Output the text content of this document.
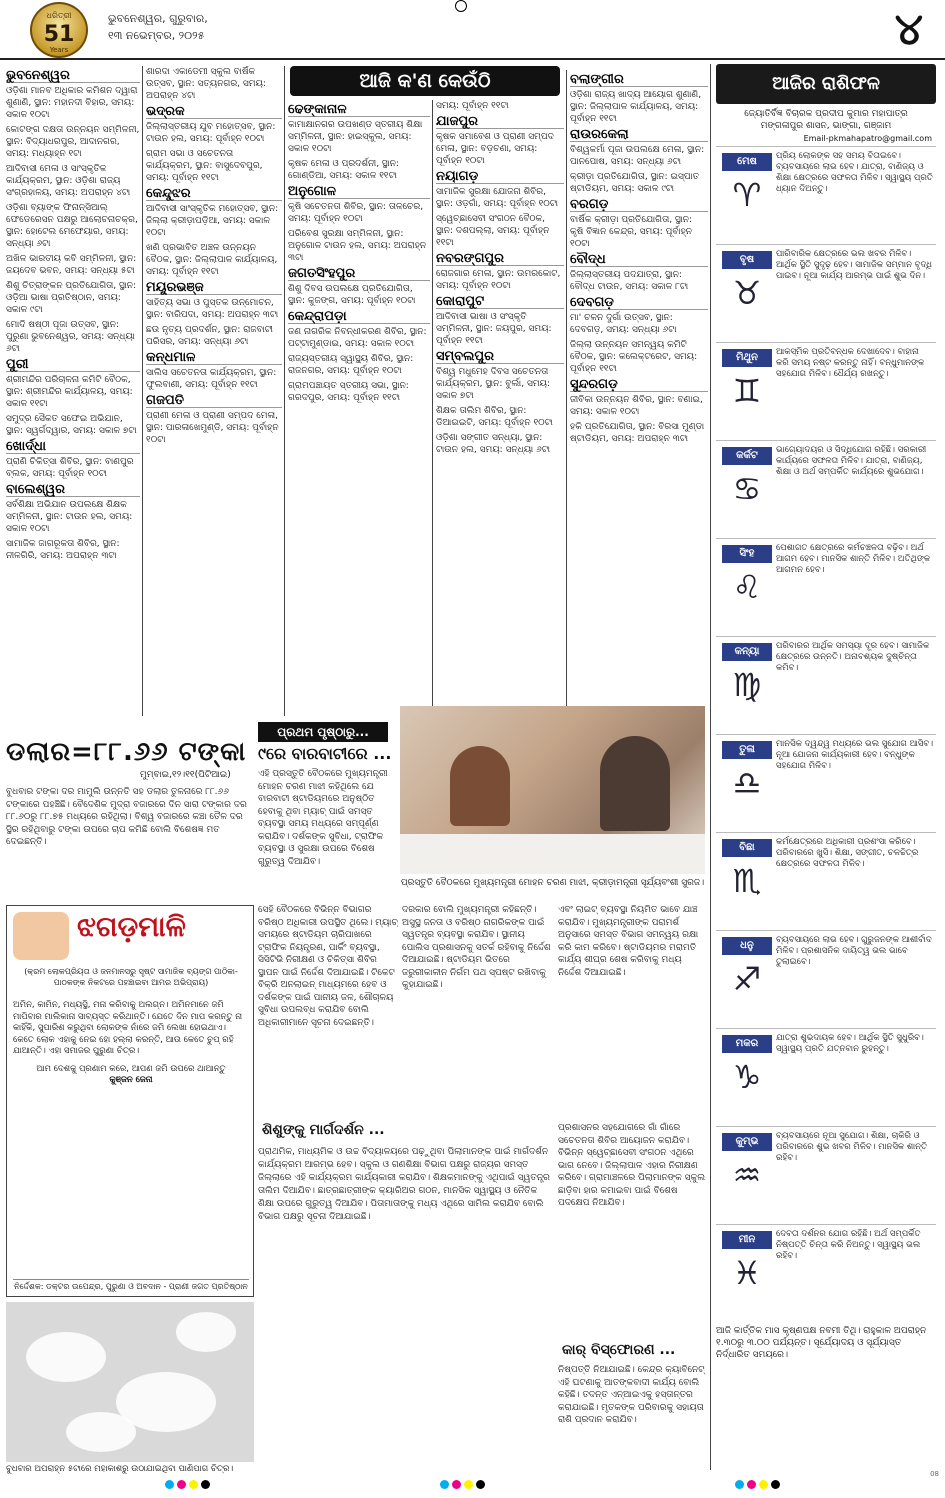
ଧରିତ୍ରୀ
51
Years
ଭୁବନେଶ୍ୱର, ଗୁରୁବାର,
୧୩ ନଭେମ୍ବର, ୨୦୨୫	୪
ଆଜି କ'ଣ କେଉଁଠି
ଭୁବନେଶ୍ୱର
ଓଡ଼ିଶା ମାନବ ଅଧିକାର କମିଶନ ଦ୍ୱାରା ଶୁଣାଣି, ସ୍ଥାନ: ମହାନଦୀ ବିହାର, ସମୟ: ସକାଳ ୧୦ଟା
କୋଟଙ୍ଗ ଦକ୍ଷତା ଉନ୍ନୟନ ସମ୍ମିଳନୀ, ସ୍ଥାନ: ବିଦ୍ୟାଧରପୁର, ଆଦାନଗର, ସମୟ: ମଧ୍ୟାହ୍ନ ୧ଟା
ଆଦିବାସୀ ମେଳା ଓ ସାଂସ୍କୃତିକ କାର୍ଯ୍ୟକ୍ରମ, ସ୍ଥାନ: ଓଡ଼ିଶା ରାଜ୍ୟ ସଂଗ୍ରହାଳୟ, ସମୟ: ଅପରାହ୍ନ ୪ଟା
ଓଡ଼ିଶା ବ୍ୟାଙ୍କ ଫିନାନ୍ସିଆଲ୍ ଫେଡେରେସନ ପକ୍ଷରୁ ଆଲୋଚନାଚକ୍ର, ସ୍ଥାନ: ହୋଟେଲ ମେଫେୟାର, ସମୟ: ସନ୍ଧ୍ୟା ୬ଟା
ଅଖିଳ ଭାରତୀୟ କବି ସମ୍ମିଳନୀ, ସ୍ଥାନ: ଜୟଦେବ ଭବନ, ସମୟ: ସନ୍ଧ୍ୟା ୫ଟା
ଶିଶୁ ଚିତ୍ରାଙ୍କନ ପ୍ରତିଯୋଗିତା, ସ୍ଥାନ: ଓଡ଼ିଆ ଭାଷା ପ୍ରତିଷ୍ଠାନ, ସମୟ: ସକାଳ ୯ଟା
ମୋଦି ଷଷ୍ଠୀ ପୂଜା ଉତ୍ସବ, ସ୍ଥାନ: ପୁରୁଣା ଭୁବନେଶ୍ୱର, ସମୟ: ସନ୍ଧ୍ୟା ୬ଟା
ପୁରୀ
ଶ୍ରୀମନ୍ଦିର ପରିଚାଳନା କମିଟି ବୈଠକ, ସ୍ଥାନ: ଶ୍ରୀମନ୍ଦିର କାର୍ଯ୍ୟାଳୟ, ସମୟ: ସକାଳ ୧୧ଟା
ସମୁଦ୍ର ସୈକତ ସଫେଇ ଅଭିଯାନ, ସ୍ଥାନ: ସ୍ୱର୍ଗଦ୍ୱାର, ସମୟ: ସକାଳ ୭ଟା
ଖୋର୍ଦ୍ଧା
ପ୍ରାଣି ଚିକିତ୍ସା ଶିବିର, ସ୍ଥାନ: ବାଣପୁର ବ୍ଲକ, ସମୟ: ପୂର୍ବାହ୍ନ ୧୦ଟା
ବାଲେଶ୍ୱର
ସର୍ବଶିକ୍ଷା ଅଭିଯାନ ଉପଲକ୍ଷେ ଶିକ୍ଷକ ସମ୍ମିଳନୀ, ସ୍ଥାନ: ଟାଉନ ହଲ, ସମୟ: ସକାଳ ୧୦ଟା
ସାମାଜିକ ଜାଗରୂକତା ଶିବିର, ସ୍ଥାନ: ନୀଳଗିରି, ସମୟ: ଅପରାହ୍ନ ୩ଟା
ଶାରଦା ଏକାଡେମୀ ସ୍କୁଲ ବାର୍ଷିକ ଉତ୍ସବ, ସ୍ଥାନ: ସତ୍ୟନଗର, ସମୟ: ଅପରାହ୍ନ ୪ଟା
ଭଦ୍ରକ
ଜିଲ୍ଲାସ୍ତରୀୟ ଯୁବ ମହୋତ୍ସବ, ସ୍ଥାନ: ଟାଉନ ହଲ, ସମୟ: ପୂର୍ବାହ୍ନ ୧୦ଟା
ଗ୍ରାମ ସଭା ଓ ସଚେତନତା କାର୍ଯ୍ୟକ୍ରମ, ସ୍ଥାନ: ବାସୁଦେବପୁର, ସମୟ: ପୂର୍ବାହ୍ନ ୧୧ଟା
କେନ୍ଦୁଝର
ଆଦିବାସୀ ସାଂସ୍କୃତିକ ମହୋତ୍ସବ, ସ୍ଥାନ: ଜିଲ୍ଲା କ୍ରୀଡ଼ାପଡ଼ିଆ, ସମୟ: ସକାଳ ୧୦ଟା
ଖଣି ପ୍ରଭାବିତ ଅଞ୍ଚଳ ଉନ୍ନୟନ ବୈଠକ, ସ୍ଥାନ: ଜିଲ୍ଲାପାଳ କାର୍ଯ୍ୟାଳୟ, ସମୟ: ପୂର୍ବାହ୍ନ ୧୧ଟା
ମୟୂରଭଞ୍ଜ
ସାହିତ୍ୟ ସଭା ଓ ପୁସ୍ତକ ଉନ୍ମୋଚନ, ସ୍ଥାନ: ବାରିପଦା, ସମୟ: ଅପରାହ୍ନ ୩ଟା
ଛଉ ନୃତ୍ୟ ପ୍ରଦର୍ଶନ, ସ୍ଥାନ: ରାଜବାଟୀ ପରିସର, ସମୟ: ସନ୍ଧ୍ୟା ୬ଟା
କନ୍ଧମାଳ
ସାଲିସ ସଚେତନତା କାର୍ଯ୍ୟକ୍ରମ, ସ୍ଥାନ: ଫୁଲବାଣୀ, ସମୟ: ପୂର୍ବାହ୍ନ ୧୧ଟା
ଗଜପତି
ପ୍ରାଣୀ ମେଳା ଓ ପ୍ରାଣୀ ସମ୍ପଦ ମେଳା, ସ୍ଥାନ: ପାରଳାଖେମୁଣ୍ଡି, ସମୟ: ପୂର୍ବାହ୍ନ ୧୦ଟା
ଢେଙ୍କାନାଳ
କାମାକ୍ଷାନଗର ଉପଖଣ୍ଡ ସ୍ତରୀୟ ଶିକ୍ଷା ସମ୍ମିଳନୀ, ସ୍ଥାନ: ହାଇସ୍କୁଲ, ସମୟ: ସକାଳ ୧୦ଟା
କୃଷକ ମେଳା ଓ ପ୍ରଦର୍ଶନୀ, ସ୍ଥାନ: ଗୋଣ୍ଡିଆ, ସମୟ: ସକାଳ ୧୧ଟା
ଅନୁଗୋଳ
କୃଷି ସଚେତନତା ଶିବିର, ସ୍ଥାନ: ତାଳଚେର, ସମୟ: ପୂର୍ବାହ୍ନ ୧୦ଟା
ପରିବେଶ ସୁରକ୍ଷା ସମ୍ମିଳନୀ, ସ୍ଥାନ: ଅନୁଗୋଳ ଟାଉନ ହଲ, ସମୟ: ଅପରାହ୍ନ ୩ଟା
ଜଗତସିଂହପୁର
ଶିଶୁ ଦିବସ ଉପଲକ୍ଷେ ପ୍ରତିଯୋଗିତା, ସ୍ଥାନ: କୁଜଙ୍ଗ, ସମୟ: ପୂର୍ବାହ୍ନ ୧୦ଟା
କେନ୍ଦ୍ରାପଡ଼ା
ଜଣ ନାଗରିକ ନିବନ୍ଧୀକରଣ ଶିବିର, ସ୍ଥାନ: ପଟ୍ଟାମୁଣ୍ଡାଇ, ସମୟ: ସକାଳ ୧୦ଟା
ରାଜ୍ୟସ୍ତରୀୟ ସ୍ୱାସ୍ଥ୍ୟ ଶିବିର, ସ୍ଥାନ: ରାଜନଗର, ସମୟ: ପୂର୍ବାହ୍ନ ୧୦ଟା
ଗ୍ରାମପଞ୍ଚାୟତ ସ୍ତରୀୟ ସଭା, ସ୍ଥାନ: ଗରଦପୁର, ସମୟ: ପୂର୍ବାହ୍ନ ୧୧ଟା
ସମୟ: ପୂର୍ବାହ୍ନ ୧୧ଟା
ଯାଜପୁର
କୃଷକ ସମାବେଶ ଓ ପ୍ରାଣୀ ସମ୍ପଦ ମେଳା, ସ୍ଥାନ: ବଡ଼ଚଣା, ସମୟ: ପୂର୍ବାହ୍ନ ୧୦ଟା
ନୟାଗଡ଼
ସାମାଜିକ ସୁରକ୍ଷା ଯୋଜନା ଶିବିର, ସ୍ଥାନ: ଓଡ଼ଗାଁ, ସମୟ: ପୂର୍ବାହ୍ନ ୧୦ଟା
ସ୍ୱେଚ୍ଛାସେବୀ ସଂଗଠନ ବୈଠକ, ସ୍ଥାନ: ଦଶପଲ୍ଲା, ସମୟ: ପୂର୍ବାହ୍ନ ୧୧ଟା
ନବରଙ୍ଗପୁର
ରୋଜଗାର ମେଳା, ସ୍ଥାନ: ଉମରକୋଟ, ସମୟ: ପୂର୍ବାହ୍ନ ୧୦ଟା
କୋରାପୁଟ
ଆଦିବାସୀ ଭାଷା ଓ ସଂସ୍କୃତି ସମ୍ମିଳନୀ, ସ୍ଥାନ: ଜୟପୁର, ସମୟ: ପୂର୍ବାହ୍ନ ୧୧ଟା
ସମ୍ବଲପୁର
ବିଶ୍ୱ ମଧୁମେହ ଦିବସ ସଚେତନତା କାର୍ଯ୍ୟକ୍ରମ, ସ୍ଥାନ: ବୁର୍ଲା, ସମୟ: ସକାଳ ୭ଟା
ଶିକ୍ଷକ ତାଲିମ ଶିବିର, ସ୍ଥାନ: ଡିଆଇଇଟି, ସମୟ: ପୂର୍ବାହ୍ନ ୧୦ଟା
ଓଡ଼ିଶା ସଙ୍ଗୀତ ସନ୍ଧ୍ୟା, ସ୍ଥାନ: ଟାଉନ ହଲ, ସମୟ: ସନ୍ଧ୍ୟା ୬ଟା
ବଲାଙ୍ଗୀର
ଓଡ଼ିଶା ରାଜ୍ୟ ଖାଦ୍ୟ ଆୟୋଗ ଶୁଣାଣି, ସ୍ଥାନ: ଜିଲ୍ଲାପାଳ କାର୍ଯ୍ୟାଳୟ, ସମୟ: ପୂର୍ବାହ୍ନ ୧୧ଟା
ରାଉରକେଲା
ବିଶ୍ୱକର୍ମା ପୂଜା ଉପଲକ୍ଷେ ମେଳା, ସ୍ଥାନ: ପାନପୋଷ, ସମୟ: ସନ୍ଧ୍ୟା ୬ଟା
କ୍ରୀଡ଼ା ପ୍ରତିଯୋଗିତା, ସ୍ଥାନ: ଇସ୍ପାତ ଷ୍ଟାଡିୟମ, ସମୟ: ସକାଳ ୯ଟା
ବରଗଡ଼
ବାର୍ଷିକ କ୍ରୀଡ଼ା ପ୍ରତିଯୋଗିତା, ସ୍ଥାନ: କୃଷି ବିଜ୍ଞାନ କେନ୍ଦ୍ର, ସମୟ: ପୂର୍ବାହ୍ନ ୧୦ଟା
ବୌଦ୍ଧ
ଜିଲ୍ଲାସ୍ତରୀୟ ପଦଯାତ୍ରା, ସ୍ଥାନ: ବୌଦ୍ଧ ଟାଉନ, ସମୟ: ସକାଳ ୮ଟା
ଦେବଗଡ଼
ମା' ଚଳନ ଦୁର୍ଗା ଉତ୍ସବ, ସ୍ଥାନ: ଦେବଗଡ଼, ସମୟ: ସନ୍ଧ୍ୟା ୬ଟା
ଜିଲ୍ଲା ଉନ୍ନୟନ ସମନ୍ୱୟ କମିଟି ବୈଠକ, ସ୍ଥାନ: କଲେକ୍ଟରେଟ, ସମୟ: ପୂର୍ବାହ୍ନ ୧୧ଟା
ସୁନ୍ଦରଗଡ଼
ଜୀବିକା ଉନ୍ନୟନ ଶିବିର, ସ୍ଥାନ: ବଣାଇ, ସମୟ: ସକାଳ ୧୦ଟା
ହକି ପ୍ରତିଯୋଗିତା, ସ୍ଥାନ: ବିରସା ମୁଣ୍ଡା ଷ୍ଟାଡିୟମ, ସମୟ: ଅପରାହ୍ନ ୩ଟା
ଆଜିର ରାଶିଫଳ
ଜ୍ୟୋତିର୍ବିଜ୍ଞ ବିଚାରକ ପ୍ରଦୀପ କୁମାର ମହାପାତ୍ର
ମଙ୍ଗଳାପୁର ଶାସନ, ଭାଙ୍ଗା, ଗଞ୍ଜାମ
Email-pkmahapatro@gmail.com
ମେଷ
♈
ପ୍ରିୟ ଲୋକଙ୍କ ସହ ସମୟ ବିତାଇବେ। ବ୍ୟବସାୟରେ ଲାଭ ହେବ। ଯାତ୍ରା, ବାଣିଜ୍ୟ ଓ ଶିକ୍ଷା କ୍ଷେତ୍ରରେ ସଫଳତା ମିଳିବ। ସ୍ୱାସ୍ଥ୍ୟ ପ୍ରତି ଧ୍ୟାନ ଦିଅନ୍ତୁ।
ବୃଷ
♉
ପାରିବାରିକ କ୍ଷେତ୍ରରେ ଭଲ ଖବର ମିଳିବ। ଆର୍ଥିକ ସ୍ଥିତି ସୁଦୃଢ଼ ହେବ। ସାମାଜିକ ସମ୍ମାନ ବୃଦ୍ଧି ପାଇବ। ନୂଆ କାର୍ଯ୍ୟ ଆରମ୍ଭ ପାଇଁ ଶୁଭ ଦିନ।
ମିଥୁନ
♊
ଆକସ୍ମିକ ପ୍ରତିବନ୍ଧକ ଦେଖାଦେବ। ବାହାନା କରି ସମୟ ନଷ୍ଟ କରନ୍ତୁ ନାହିଁ। ବନ୍ଧୁମାନଙ୍କ ସହଯୋଗ ମିଳିବ। ଧୈର୍ଯ୍ୟ ରଖନ୍ତୁ।
କର୍କଟ
♋
ଭାଗ୍ୟୋଦୟର ଓ ସିଦ୍ଧିଯୋଗ ରହିଛି। ସରକାରୀ କାର୍ଯ୍ୟରେ ସଫଳତା ମିଳିବ। ଯାତ୍ରା, ବାଣିଜ୍ୟ, ଶିକ୍ଷା ଓ ଅର୍ଥ ସମ୍ପର୍କିତ କାର୍ଯ୍ୟରେ ଶୁଭଯୋଗ।
ସିଂହ
♌
ପେଶାଗତ କ୍ଷେତ୍ରରେ କର୍ମଚଞ୍ଚଳତା ବଢ଼ିବ। ଅର୍ଥ ଆଗମ ହେବ। ମାନସିକ ଶାନ୍ତି ମିଳିବ। ଅତିଥିଙ୍କ ଆଗମନ ହେବ।
କନ୍ୟା
♍
ପରିବାରର ଆର୍ଥିକ ସମସ୍ୟା ଦୂର ହେବ। ସାମାଜିକ କ୍ଷେତ୍ରରେ ଉନ୍ନତି। ଅନାବଶ୍ୟକ ଦୁଷ୍ଚିନ୍ତା କମିବ।
ତୁଳା
♎
ମାନସିକ ଦ୍ୱନ୍ଦ୍ୱ ମଧ୍ୟରେ ଭଲ ସୁଯୋଗ ଆସିବ। ନୂଆ ଯୋଜନା କାର୍ଯ୍ୟକାରୀ ହେବ। ବନ୍ଧୁଙ୍କ ସହଯୋଗ ମିଳିବ।
ବିଛା
♏
କର୍ମକ୍ଷେତ୍ରରେ ଅଧିକାରୀ ପ୍ରଶଂସା କରିବେ। ପରିବାରରେ ଖୁସି। ଶିକ୍ଷା, ସଙ୍ଗୀତ, ଚଳଚ୍ଚିତ୍ର କ୍ଷେତ୍ରରେ ସଫଳତା ମିଳିବ।
ଧନୁ
♐
ବ୍ୟବସାୟରେ ଲାଭ ହେବ। ଗୁରୁଜନଙ୍କ ଆଶୀର୍ବାଦ ମିଳିବ। ପ୍ରଶାସନିକ ଦାୟିତ୍ୱ ଭଲ ଭାବେ ତୁଲାଇବେ।
ମକର
♑
ଯାତ୍ରା ଶୁଭଦାୟକ ହେବ। ଆର୍ଥିକ ସ୍ଥିତି ସୁଧୁରିବ। ସ୍ୱାସ୍ଥ୍ୟ ପ୍ରତି ଯତ୍ନବାନ ରୁହନ୍ତୁ।
କୁମ୍ଭ
♒
ବ୍ୟବସାୟରେ ନୂଆ ସୁଯୋଗ। ଶିକ୍ଷା, ଚାକିରି ଓ ପରିବାରରେ ଶୁଭ ଖବର ମିଳିବ। ମାନସିକ ଶାନ୍ତି ରହିବ।
ମୀନ
♓
ଦେବତା ଦର୍ଶନର ଯୋଗ ରହିଛି। ଅର୍ଥ ସମ୍ପର୍କିତ ନିଷ୍ପତ୍ତି ଚିନ୍ତା କରି ନିଅନ୍ତୁ। ସ୍ୱାସ୍ଥ୍ୟ ଭଲ ରହିବ।
ଆଜି କାର୍ତ୍ତିକ ମାସ କୃଷ୍ଣପକ୍ଷ ନବମୀ ତିଥି। ରାହୁକାଳ ଅପରାହ୍ନ ୧.୩୦ରୁ ୩.୦୦ ପର୍ଯ୍ୟନ୍ତ। ସୂର୍ଯ୍ୟୋଦୟ ଓ ସୂର୍ଯ୍ୟାସ୍ତ ନିର୍ଦ୍ଧାରିତ ସମୟରେ।
ଡଲାର=୮୮.୬୬ ଟଙ୍କା
ମୁମ୍ବାଇ,୧୨।୧୧(ପିଟିଆଇ)
ବୁଧବାର ଟଙ୍କା ଦର ମାମୁଲି ଉନ୍ନତି ସହ ଡଲାର ତୁଳନାରେ ୮୮.୬୬ ଟଙ୍କାରେ ପହଞ୍ଚିଛି। ବୈଦେଶିକ ମୁଦ୍ରା ବଜାରରେ ଦିନ ସାରା ଟଙ୍କାର ଦର ୮୮.୬୦ରୁ ୮୮.୭୫ ମଧ୍ୟରେ ରହିଥିଲା। ବିଶ୍ୱ ବଜାରରେ କଞ୍ଚା ତୈଳ ଦର ସ୍ଥିର ରହିଥିବାରୁ ଟଙ୍କା ଉପରେ ଚାପ କମିଛି ବୋଲି ବିଶେଷଜ୍ଞ ମତ ଦେଇଛନ୍ତି।
ପ୍ରଥମ ପୃଷ୍ଠାରୁ...
୯ରେ ବାରବାଟୀରେ ...
ଏହି ପ୍ରସ୍ତୁତି ବୈଠକରେ ମୁଖ୍ୟମନ୍ତ୍ରୀ ମୋହନ ଚରଣ ମାଝୀ କହିଥିଲେ ଯେ ବାରବାଟୀ ଷ୍ଟାଡିୟମରେ ଅନୁଷ୍ଠିତ ହେବାକୁ ଥିବା ମ୍ୟାଚ୍ ପାଇଁ ସମସ୍ତ ବ୍ୟବସ୍ଥା ସମୟ ମଧ୍ୟରେ ସମ୍ପୂର୍ଣ୍ଣ କରାଯିବ। ଦର୍ଶକଙ୍କ ସୁବିଧା, ଟ୍ରାଫିକ ବ୍ୟବସ୍ଥା ଓ ସୁରକ୍ଷା ଉପରେ ବିଶେଷ ଗୁରୁତ୍ୱ ଦିଆଯିବ।
ପ୍ରସ୍ତୁତି ବୈଠକରେ ମୁଖ୍ୟମନ୍ତ୍ରୀ ମୋହନ ଚରଣ ମାଝୀ, କ୍ରୀଡ଼ାମନ୍ତ୍ରୀ ସୂର୍ଯ୍ୟବଂଶୀ ସୁରଜ।
ଝଗଡ଼ମାଳି
(କ୍ରମ ଲୋକପ୍ରିୟତା ଓ ଜନମାନସରୁ ସୃଷ୍ଟ ସାମାଜିକ ବ୍ୟଙ୍ଗ ପାଠିକା-ପାଠକଙ୍କ ନିକଟରେ ପହଞ୍ଚାଇବା ଆମର ଅଭିପ୍ରାୟ)
ଅମିନ, କାମିନ, ମଧ୍ୟସ୍ଥି, ମନା କରିବାକୁ ଅଲଗ୍ନ। ଅମିନମାନେ ଜମି ମାପିବାର ମାଲିକାନା ସାବ୍ୟସ୍ତ କରିଥାନ୍ତି। ଯେତେ ଦିନ ମାପ କରନ୍ତୁ ନା କାହିଁକି, ସୁପାରିଶ କରୁଥିବା ଲୋକଙ୍କ ନାଁରେ ଜମି ଲେଖା ହୋଇଥାଏ। କେତେ ଲୋକ ଏହାକୁ ନେଇ ହୋ ହଲ୍ଲା କରନ୍ତି, ଆଉ କେତେ ଚୁପ୍ ରହି ଯାଆନ୍ତି। ଏହା ସମାଜର ପୁରୁଣା ଚିତ୍ର।
ଆମ ଦେଶକୁ ପ୍ରଣାମ କରେ, ଆପଣ ଜମି ଉପରେ ଥାଆନ୍ତୁ
କୁଞ୍ଜନ ଜେନା
ନିର୍ଦ୍ଦେଶକ: ଡକ୍ଟର ଉପେନ୍ଦ୍ର, ପୁରୁଣା ଓ ଅବଦାନ - ପ୍ରାଣୀ ଜଗତ ପ୍ରତିଷ୍ଠାନ
ବୁଧବାର ଅପରାହ୍ନ ୫ଟାରେ ମହାକାଶରୁ ଉଠାଯାଇଥିବା ପାଣିପାଗ ଚିତ୍ର।
ସେହି ବୈଠକରେ ବିଭିନ୍ନ ବିଭାଗର ବରିଷ୍ଠ ଅଧିକାରୀ ଉପସ୍ଥିତ ଥିଲେ। ମ୍ୟାଚ୍ ସମୟରେ ଷ୍ଟାଡିୟମ ଚାରିପାଖରେ ଟ୍ରାଫିକ ନିୟନ୍ତ୍ରଣ, ପାର୍କିଂ ବ୍ୟବସ୍ଥା, ସିସିଟିଭି ନିରୀକ୍ଷଣ ଓ ଚିକିତ୍ସା ଶିବିର ସ୍ଥାପନ ପାଇଁ ନିର୍ଦ୍ଦେଶ ଦିଆଯାଇଛି। ଟିକେଟ ବିକ୍ରି ଅନଲାଇନ୍ ମାଧ୍ୟମରେ ହେବ ଓ ଦର୍ଶକଙ୍କ ପାଇଁ ପାନୀୟ ଜଳ, ଶୌଚାଳୟ ସୁବିଧା ଉପଲବ୍ଧ କରାଯିବ ବୋଲି ଅଧିକାରୀମାନେ ସୂଚନା ଦେଇଛନ୍ତି।
ଦରକାର ବୋଲି ମୁଖ୍ୟମନ୍ତ୍ରୀ କହିଛନ୍ତି। ଅସୁସ୍ଥ ଜନତା ଓ ବରିଷ୍ଠ ନାଗରିକଙ୍କ ପାଇଁ ସ୍ୱତନ୍ତ୍ର ବ୍ୟବସ୍ଥା କରାଯିବ। ସ୍ଥାନୀୟ ପୋଲିସ ପ୍ରଶାସନକୁ ସତର୍କ ରହିବାକୁ ନିର୍ଦ୍ଦେଶ ଦିଆଯାଇଛି। ଷ୍ଟାଡିୟମ ଭିତରେ ଜରୁରୀକାଳୀନ ନିର୍ଗମ ପଥ ସ୍ପଷ୍ଟ ରଖିବାକୁ କୁହାଯାଇଛି।
ଏବଂ ଲାଇଟ୍ ବ୍ୟବସ୍ଥା ନିୟମିତ ଭାବେ ଯାଞ୍ଚ କରାଯିବ। ମୁଖ୍ୟମନ୍ତ୍ରୀଙ୍କ ପରାମର୍ଶ ଅନୁସାରେ ସମସ୍ତ ବିଭାଗ ସମନ୍ୱୟ ରକ୍ଷା କରି କାମ କରିବେ। ଷ୍ଟାଡିୟମର ମରାମତି କାର୍ଯ୍ୟ ଶୀଘ୍ର ଶେଷ କରିବାକୁ ମଧ୍ୟ ନିର୍ଦ୍ଦେଶ ଦିଆଯାଇଛି।
ଶିଶୁଙ୍କୁ ମାର୍ଗଦର୍ଶନ ...
ପ୍ରାଥମିକ, ମାଧ୍ୟମିକ ଓ ଉଚ୍ଚ ବିଦ୍ୟାଳୟରେ ପଢ଼ୁଥିବା ପିଲାମାନଙ୍କ ପାଇଁ ମାର୍ଗଦର୍ଶନ କାର୍ଯ୍ୟକ୍ରମ ଆରମ୍ଭ ହେବ। ସ୍କୁଲ ଓ ଗଣଶିକ୍ଷା ବିଭାଗ ପକ୍ଷରୁ ରାଜ୍ୟର ସମସ୍ତ ଜିଲ୍ଲାରେ ଏହି କାର୍ଯ୍ୟକ୍ରମ କାର୍ଯ୍ୟକାରୀ କରାଯିବ। ଶିକ୍ଷକମାନଙ୍କୁ ଏଥିପାଇଁ ସ୍ୱତନ୍ତ୍ର ତାଲିମ ଦିଆଯିବ। ଛାତ୍ରଛାତ୍ରୀଙ୍କ କ୍ୟାରିଅର ଗଠନ, ମାନସିକ ସ୍ୱାସ୍ଥ୍ୟ ଓ ନୈତିକ ଶିକ୍ଷା ଉପରେ ଗୁରୁତ୍ୱ ଦିଆଯିବ। ପିତାମାତାଙ୍କୁ ମଧ୍ୟ ଏଥିରେ ସାମିଲ କରାଯିବ ବୋଲି ବିଭାଗ ପକ୍ଷରୁ ସୂଚନା ଦିଆଯାଇଛି।
ପ୍ରଶାସନର ସହଯୋଗରେ ଗାଁ ଗାଁରେ ସଚେତନତା ଶିବିର ଆୟୋଜନ କରାଯିବ। ବିଭିନ୍ନ ସ୍ୱେଚ୍ଛାସେବୀ ସଂଗଠନ ଏଥିରେ ଭାଗ ନେବେ। ଜିଲ୍ଲାପାଳ ଏହାର ନିରୀକ୍ଷଣ କରିବେ। ଗ୍ରାମାଞ୍ଚଳରେ ପିଲାମାନଙ୍କ ସ୍କୁଲ ଛାଡ଼ିବା ହାର କମାଇବା ପାଇଁ ବିଶେଷ ପଦକ୍ଷେପ ନିଆଯିବ।
କାର୍ ବିସ୍ଫୋରଣ ...
ନିଷ୍ପତ୍ତି ନିଆଯାଇଛି। କେନ୍ଦ୍ର କ୍ୟାବିନେଟ୍ ଏହି ଘଟଣାକୁ ଆତଙ୍କବାଦୀ କାର୍ଯ୍ୟ ବୋଲି କହିଛି। ତଦନ୍ତ ଏନ୍‌ଆଇଏକୁ ହସ୍ତାନ୍ତର କରାଯାଇଛି। ମୃତକଙ୍କ ପରିବାରକୁ ସହାୟତା ରାଶି ପ୍ରଦାନ କରାଯିବ।
08
